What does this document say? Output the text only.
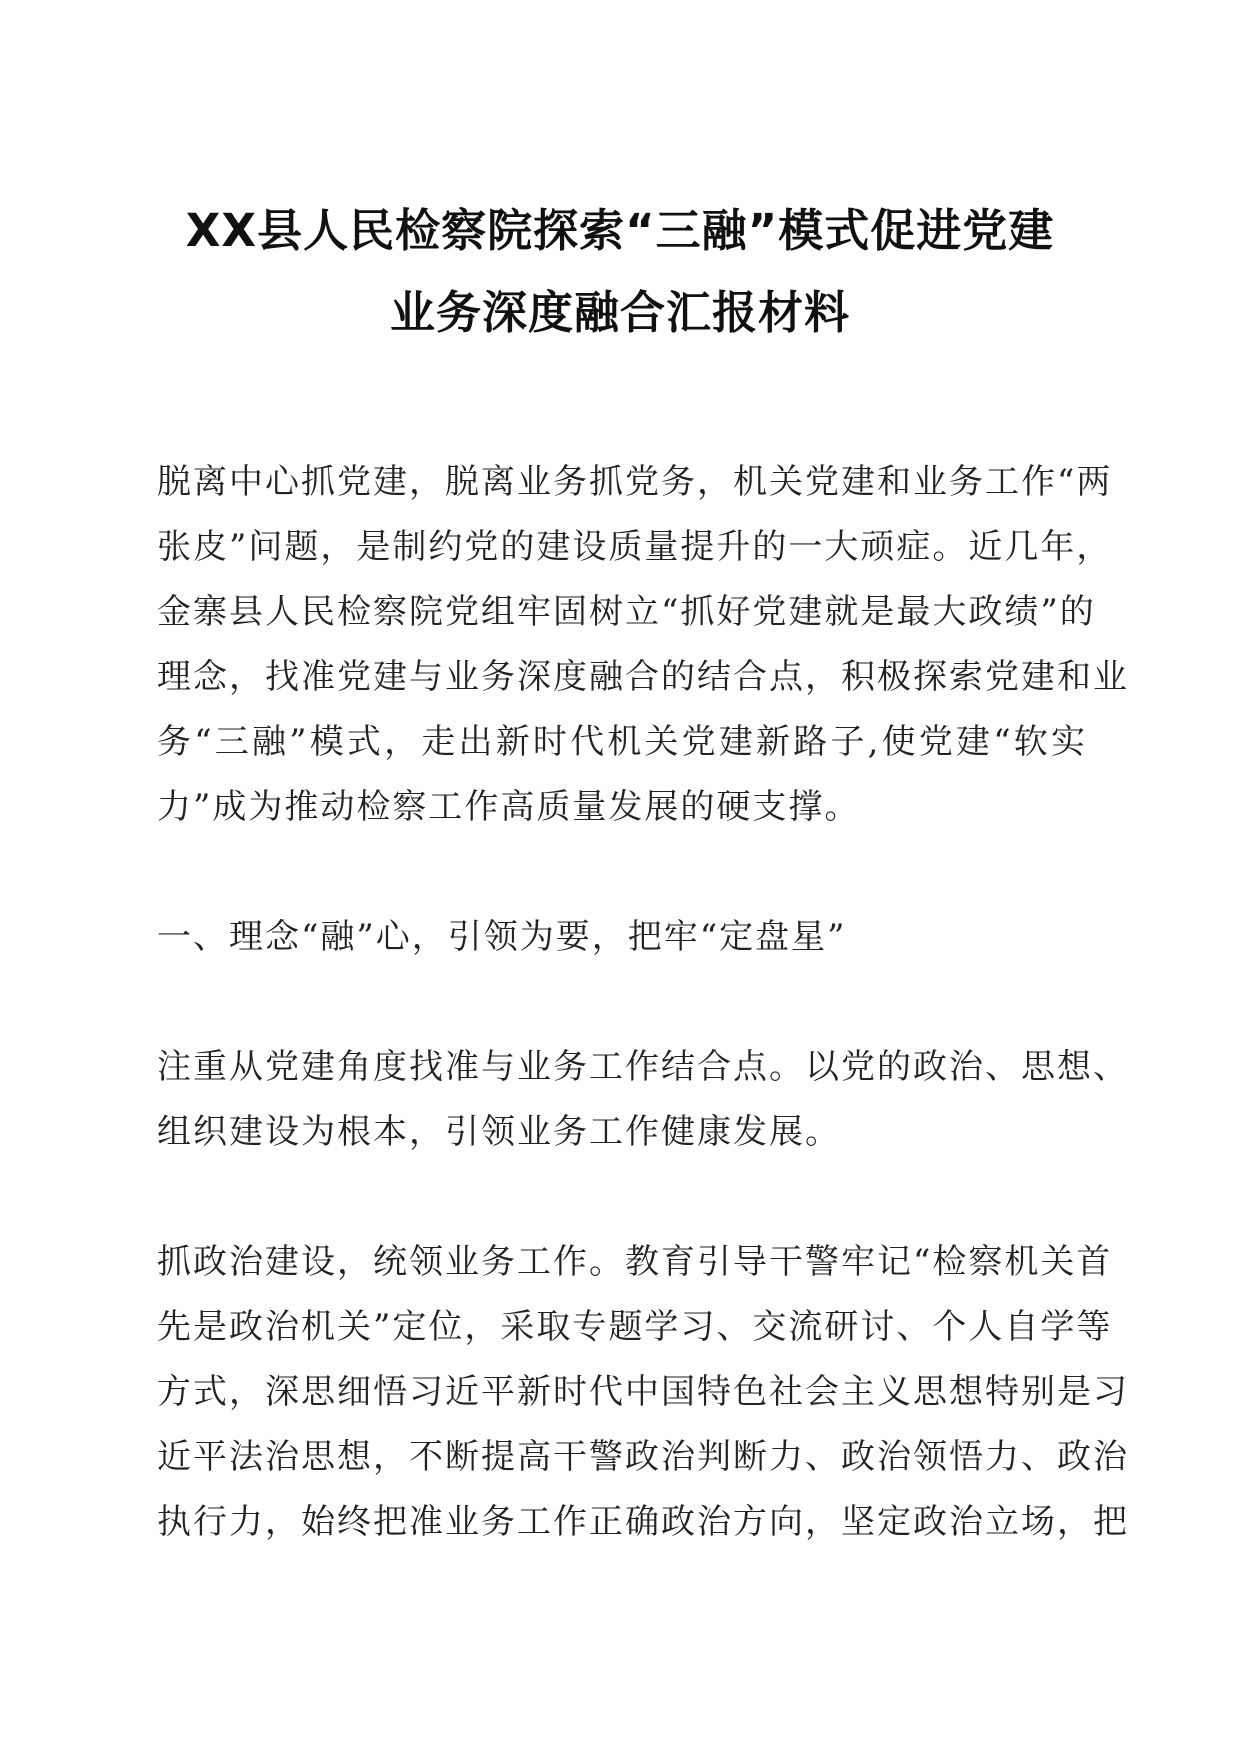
XX县人民检察院探索“三融”模式促进党建
业务深度融合汇报材料
脱离中心抓党建，脱离业务抓党务，机关党建和业务工作“两
张皮”问题，是制约党的建设质量提升的一大顽症。近几年，
金寨县人民检察院党组牢固树立“抓好党建就是最大政绩”的
理念，找准党建与业务深度融合的结合点，积极探索党建和业
务“三融”模式，走出新时代机关党建新路子,使党建“软实
力”成为推动检察工作高质量发展的硬支撑。
一、理念“融”心，引领为要，把牢“定盘星”
注重从党建角度找准与业务工作结合点。以党的政治、思想、
组织建设为根本，引领业务工作健康发展。
抓政治建设，统领业务工作。教育引导干警牢记“检察机关首
先是政治机关”定位，采取专题学习、交流研讨、个人自学等
方式，深思细悟习近平新时代中国特色社会主义思想特别是习
近平法治思想，不断提高干警政治判断力、政治领悟力、政治
执行力，始终把准业务工作正确政治方向，坚定政治立场，把
